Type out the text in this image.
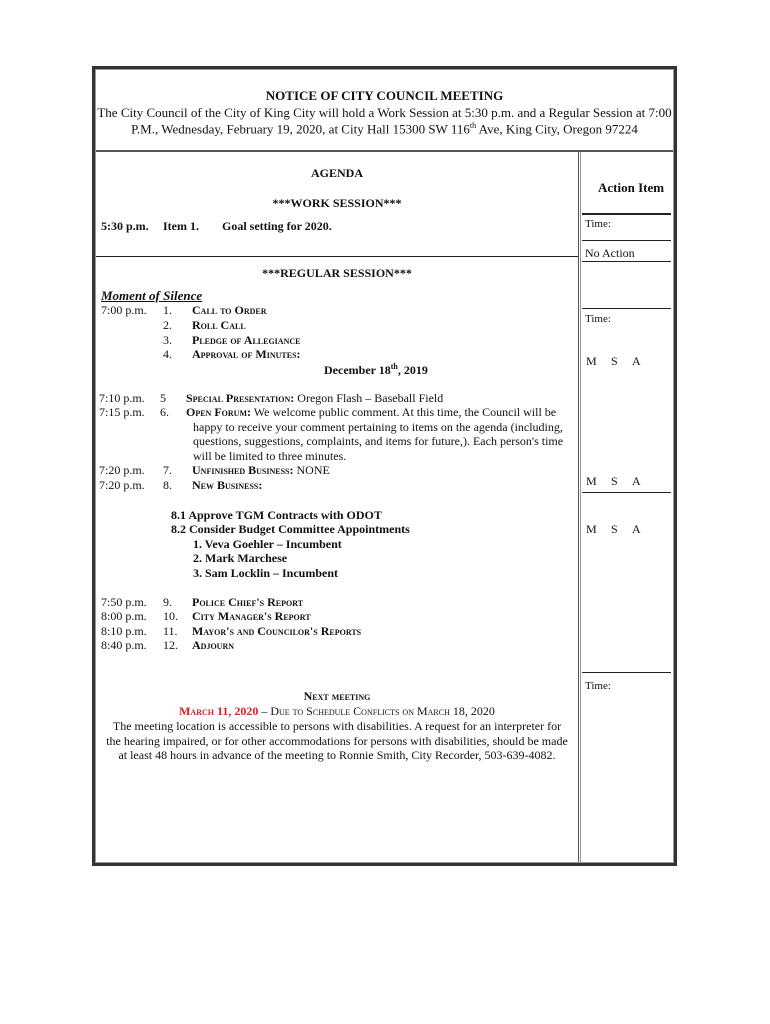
NOTICE OF CITY COUNCIL MEETING
The City Council of the City of King City will hold a Work Session at 5:30 p.m. and a Regular Session at 7:00
P.M., Wednesday, February 19, 2020, at City Hall 15300 SW 116th Ave, King City, Oregon 97224
AGENDA
***WORK SESSION***
5:30 p.m. Item 1. Goal setting for 2020.
***REGULAR SESSION***
Moment of Silence
7:00 p.m.	1. Call to Order
2. Roll Call
3. Pledge of Allegiance
4. Approval of Minutes:
December 18th, 2019
7:10 p.m. 5 Special Presentation: Oregon Flash – Baseball Field
7:15 p.m. 6. Open Forum: We welcome public comment. At this time, the Council will be
happy to receive your comment pertaining to items on the agenda (including,
questions, suggestions, complaints, and items for future,). Each person's time
will be limited to three minutes.
7:20 p.m. 7. Unfinished Business: NONE
7:20 p.m. 8. New Business:
8.1 Approve TGM Contracts with ODOT
8.2 Consider Budget Committee Appointments
1. Veva Goehler – Incumbent
2. Mark Marchese
3. Sam Locklin – Incumbent
7:50 p.m. 9. Police Chief's Report
8:00 p.m. 10. City Manager's Report
8:10 p.m. 11. Mayor's and Councilor's Reports
8:40 p.m. 12. Adjourn
Next meeting
March 11, 2020 – Due to Schedule Conflicts on March 18, 2020
The meeting location is accessible to persons with disabilities. A request for an interpreter for
the hearing impaired, or for other accommodations for persons with disabilities, should be made
at least 48 hours in advance of the meeting to Ronnie Smith, City Recorder, 503-639-4082.
Action Item
Time:
No Action
Time:
M S A
M S A
M S A
Time:
